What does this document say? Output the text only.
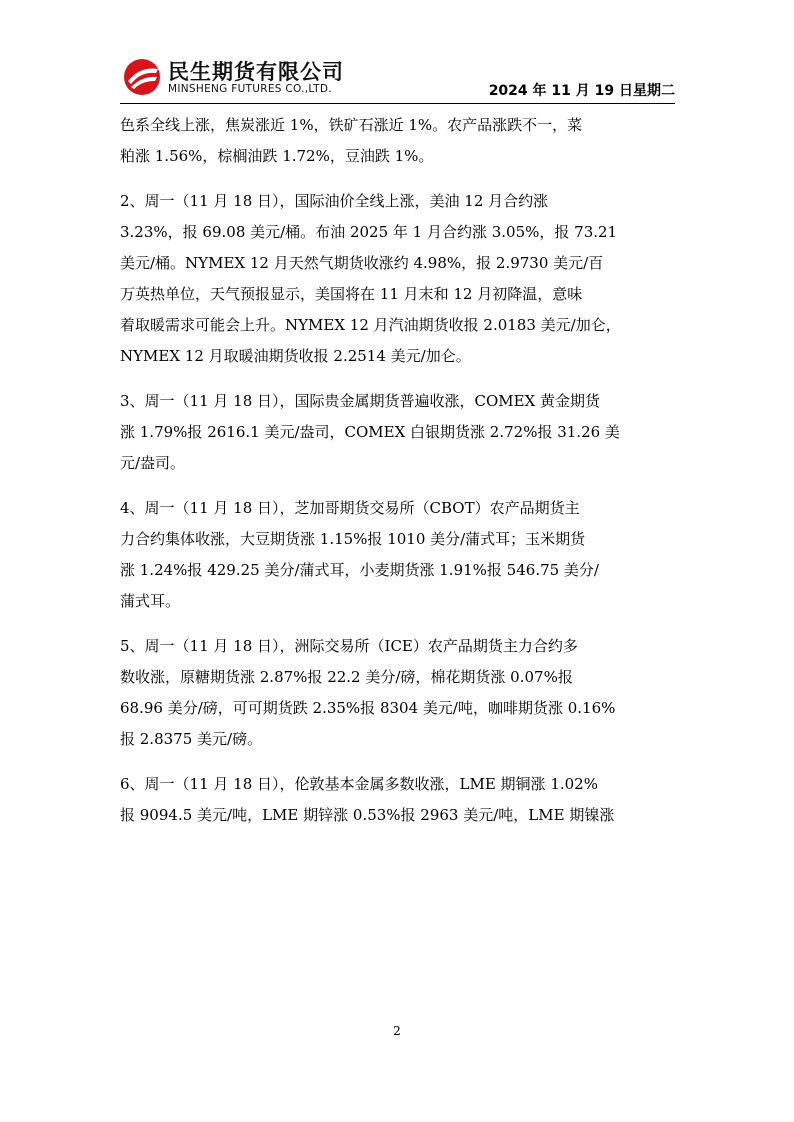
民生期货有限公司
MINSHENG FUTURES CO.,LTD.	2024 年 11 月 19 日星期二

色系全线上涨，焦炭涨近 1%，铁矿石涨近 1%。农产品涨跌不一，菜
粕涨 1.56%，棕榈油跌 1.72%，豆油跌 1%。

2、周一（11 月 18 日），国际油价全线上涨，美油 12 月合约涨
3.23%，报 69.08 美元/桶。布油 2025 年 1 月合约涨 3.05%，报 73.21
美元/桶。NYMEX 12 月天然气期货收涨约 4.98%，报 2.9730 美元/百
万英热单位，天气预报显示，美国将在 11 月末和 12 月初降温，意味
着取暖需求可能会上升。NYMEX 12 月汽油期货收报 2.0183 美元/加仑，
NYMEX 12 月取暖油期货收报 2.2514 美元/加仑。

3、周一（11 月 18 日），国际贵金属期货普遍收涨，COMEX 黄金期货
涨 1.79%报 2616.1 美元/盎司，COMEX 白银期货涨 2.72%报 31.26 美
元/盎司。

4、周一（11 月 18 日），芝加哥期货交易所（CBOT）农产品期货主
力合约集体收涨，大豆期货涨 1.15%报 1010 美分/蒲式耳；玉米期货
涨 1.24%报 429.25 美分/蒲式耳，小麦期货涨 1.91%报 546.75 美分/
蒲式耳。

5、周一（11 月 18 日），洲际交易所（ICE）农产品期货主力合约多
数收涨，原糖期货涨 2.87%报 22.2 美分/磅，棉花期货涨 0.07%报
68.96 美分/磅，可可期货跌 2.35%报 8304 美元/吨，咖啡期货涨 0.16%
报 2.8375 美元/磅。

6、周一（11 月 18 日），伦敦基本金属多数收涨，LME 期铜涨 1.02%
报 9094.5 美元/吨，LME 期锌涨 0.53%报 2963 美元/吨，LME 期镍涨

2
